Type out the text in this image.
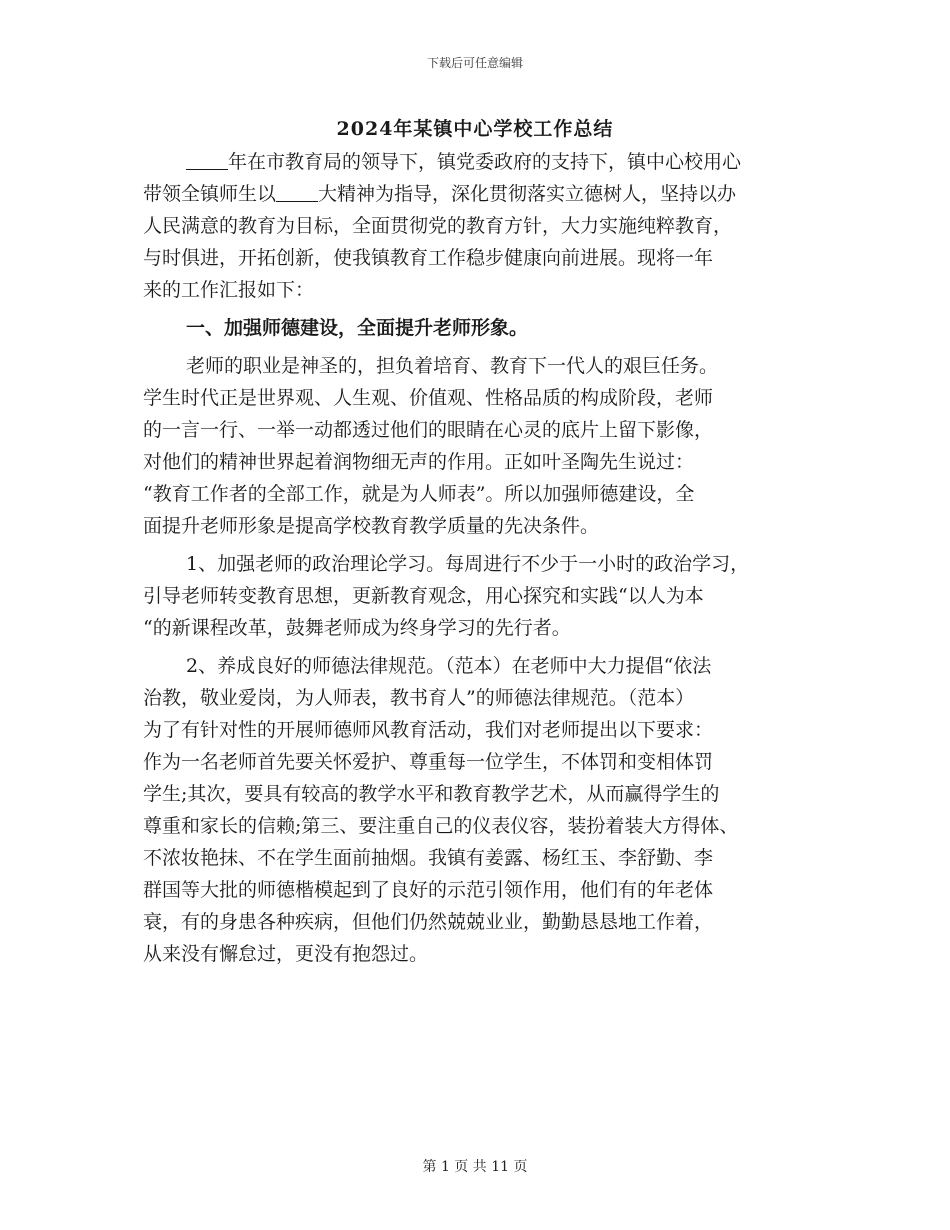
下载后可任意编辑
2024年某镇中心学校工作总结
年在市教育局的领导下，镇党委政府的支持下，镇中心校用心
带领全镇师生以 大精神为指导，深化贯彻落实立德树人，坚持以办
人民满意的教育为目标，全面贯彻党的教育方针，大力实施纯粹教育，
与时俱进，开拓创新，使我镇教育工作稳步健康向前进展。现将一年
来的工作汇报如下：
一、加强师德建设，全面提升老师形象。
老师的职业是神圣的，担负着培育、教育下一代人的艰巨任务。
学生时代正是世界观、人生观、价值观、性格品质的构成阶段，老师
的一言一行、一举一动都透过他们的眼睛在心灵的底片上留下影像，
对他们的精神世界起着润物细无声的作用。正如叶圣陶先生说过：
“教育工作者的全部工作，就是为人师表”。所以加强师德建设，全
面提升老师形象是提高学校教育教学质量的先决条件。
1、加强老师的政治理论学习。每周进行不少于一小时的政治学习，
引导老师转变教育思想，更新教育观念，用心探究和实践“以人为本
“的新课程改革，鼓舞老师成为终身学习的先行者。
2、养成良好的师德法律规范。（范本）在老师中大力提倡“依法
治教，敬业爱岗，为人师表，教书育人”的师德法律规范。（范本）
为了有针对性的开展师德师风教育活动，我们对老师提出以下要求：
作为一名老师首先要关怀爱护、尊重每一位学生，不体罚和变相体罚
学生;其次，要具有较高的教学水平和教育教学艺术，从而赢得学生的
尊重和家长的信赖;第三、要注重自己的仪表仪容，装扮着装大方得体、
不浓妆艳抹、不在学生面前抽烟。我镇有姜露、杨红玉、李舒勤、李
群国等大批的师德楷模起到了良好的示范引领作用，他们有的年老体
衰，有的身患各种疾病，但他们仍然兢兢业业，勤勤恳恳地工作着，
从来没有懈怠过，更没有抱怨过。
第 1 页 共 11 页
